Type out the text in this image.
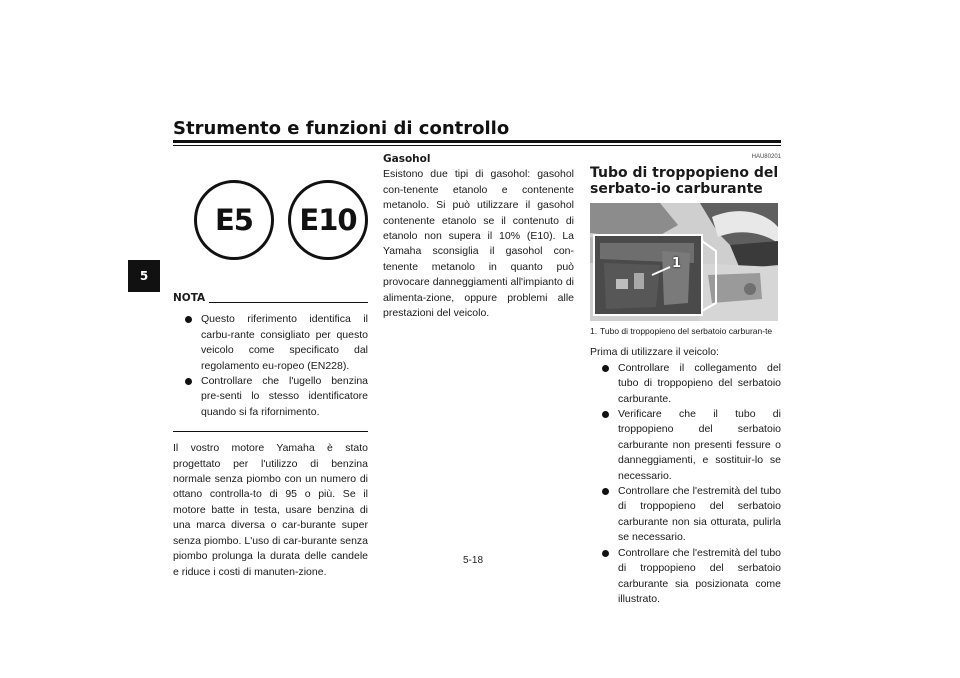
Strumento e funzioni di controllo
5
E5	E10
NOTA
Questo riferimento identifica il carbu-rante consigliato per questo veicolo come specificato dal regolamento eu-ropeo (EN228).
Controllare che l'ugello benzina pre-senti lo stesso identificatore quando si fa rifornimento.

Il vostro motore Yamaha è stato progettato per l'utilizzo di benzina normale senza piombo con un numero di ottano controlla-to di 95 o più. Se il motore batte in testa, usare benzina di una marca diversa o car-burante super senza piombo. L'uso di car-burante senza piombo prolunga la durata delle candele e riduce i costi di manuten-zione.

Gasohol

Esistono due tipi di gasohol: gasohol con-tenente etanolo e contenente metanolo. Si può utilizzare il gasohol contenente etanolo se il contenuto di etanolo non supera il 10% (E10). La Yamaha sconsiglia il gasohol con-tenente metanolo in quanto può provocare danneggiamenti all'impianto di alimenta-zione, oppure problemi alle prestazioni del veicolo.

HAU80201
Tubo di troppopieno del serbato-io carburante
1
1. Tubo di troppopieno del serbatoio carburan-te

Prima di utilizzare il veicolo:

Controllare il collegamento del tubo di troppopieno del serbatoio carburante.
Verificare che il tubo di troppopieno del serbatoio carburante non presenti fessure o danneggiamenti, e sostituir-lo se necessario.
Controllare che l'estremità del tubo di troppopieno del serbatoio carburante non sia otturata, pulirla se necessario.
Controllare che l'estremità del tubo di troppopieno del serbatoio carburante sia posizionata come illustrato.
5-18
